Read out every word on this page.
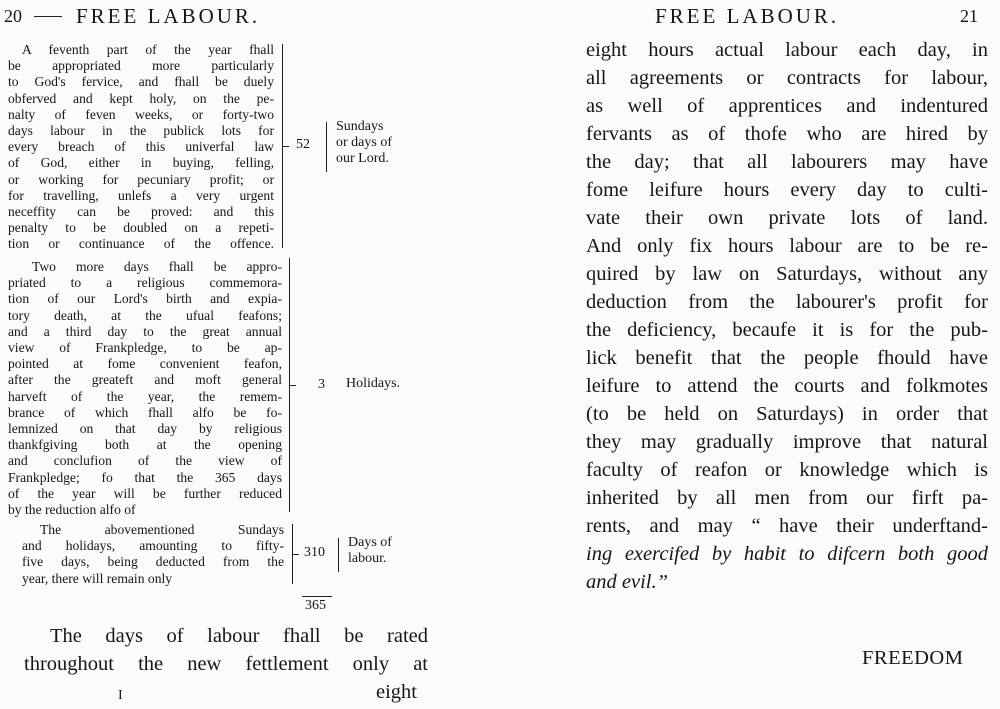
20	FREE LABOUR.

A feventh part of the year fhall

be appropriated more particularly

to God's fervice, and fhall be duely

obferved and kept holy, on the pe-

nalty of feven weeks, or forty-two

days labour in the publick lots for

every breach of this univerfal law

of God, either in buying, felling,

or working for pecuniary profit; or

for travelling, unlefs a very urgent

neceffity can be proved: and this

penalty to be doubled on a repeti-

tion or continuance of the offence.

52
Sundays
or days of
our Lord.

Two more days fhall be appro-

priated to a religious commemora-

tion of our Lord's birth and expia-

tory death, at the ufual feafons;

and a third day to the great annual

view of Frankpledge, to be ap-

pointed at fome convenient feafon,

after the greateft and moft general

harveft of the year, the remem-

brance of which fhall alfo be fo-

lemnized on that day by religious

thankfgiving both at the opening

and conclufion of the view of

Frankpledge; fo that the 365 days

of the year will be further reduced

by the reduction alfo of

3 Holidays.

The abovementioned Sundays

and holidays, amounting to fifty-

five days, being deducted from the

year, there will remain only

310
Days of
labour.
365
The days of labour fhall be rated
throughout the new fettlement only at
I	eight
FREE LABOUR.	21
eight hours actual labour each day, in
all agreements or contracts for labour,
as well of apprentices and indentured
fervants as of thofe who are hired by
the day; that all labourers may have
fome leifure hours every day to culti-
vate their own private lots of land.
And only fix hours labour are to be re-
quired by law on Saturdays, without any
deduction from the labourer's profit for
the deficiency, becaufe it is for the pub-
lick benefit that the people fhould have
leifure to attend the courts and folkmotes
(to be held on Saturdays) in order that
they may gradually improve that natural
faculty of reafon or knowledge which is
inherited by all men from our firft pa-
rents, and may “ have their underftand-
ing exercifed by habit to difcern both good
and evil.”
FREEDOM
